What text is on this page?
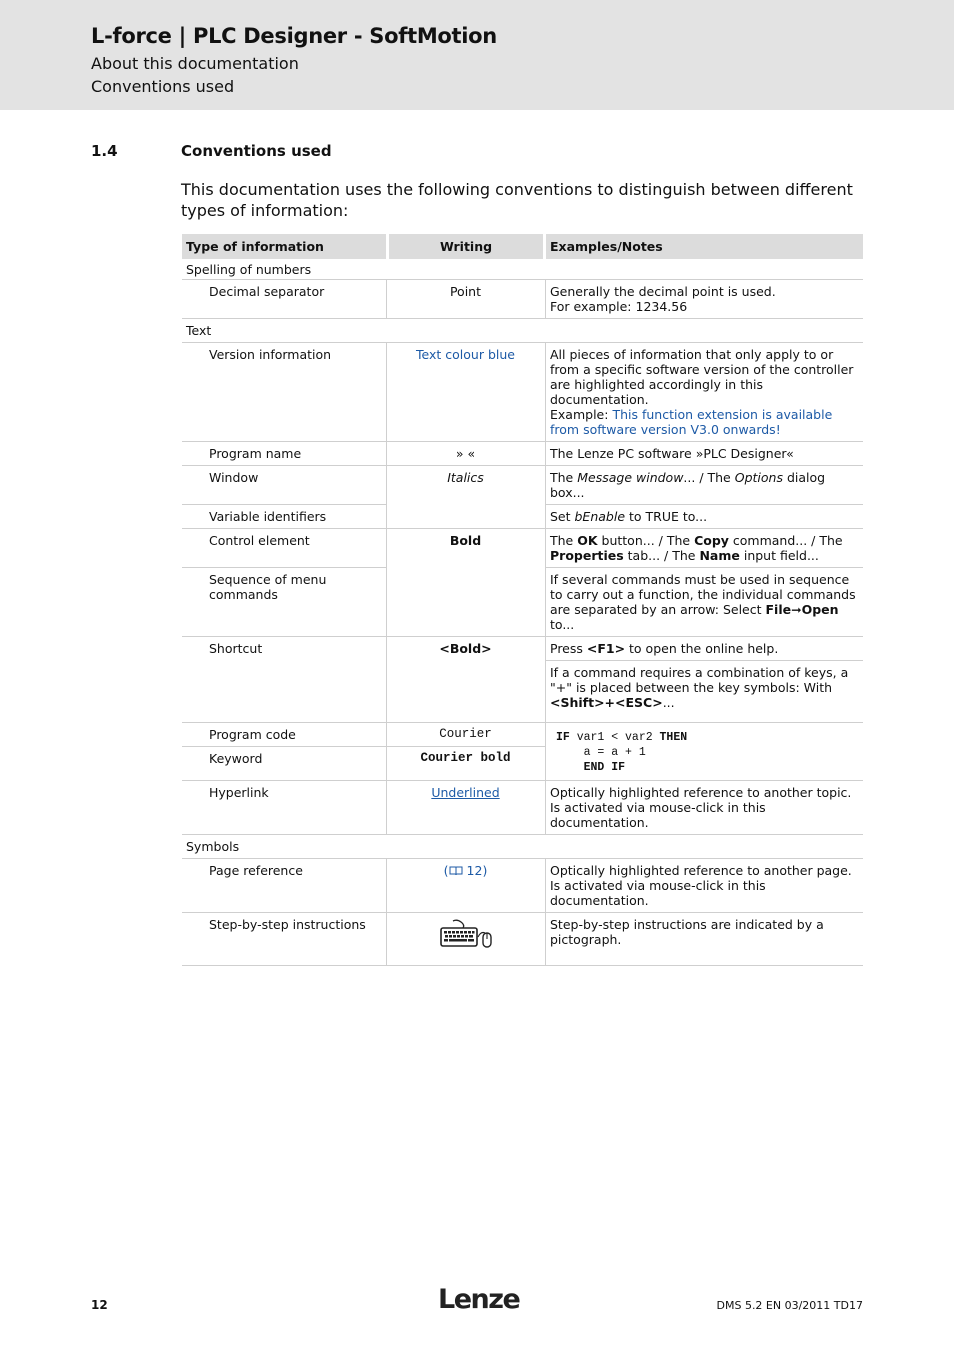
L-force | PLC Designer - SoftMotion
About this documentation
Conventions used
1.4	Conventions used
This documentation uses the following conventions to distinguish between different types of information:
Type of information	Writing	Examples/Notes
Spelling of numbers		
Decimal separator	Point	Generally the decimal point is used.
For example: 1234.56

Text		
Version information	Text colour blue	All pieces of information that only apply to or from a specific software version of the controller are highlighted accordingly in this documentation.
Example: This function extension is available from software version V3.0 onwards!

Program name	» «	The Lenze PC software »PLC Designer«
Window	Italics	The Message window... / The Options dialog box...
Variable identifiers		Set bEnable to TRUE to...
Control element	Bold	The OK button... / The Copy command... / The Properties tab... / The Name input field...
Sequence of menu commands		If several commands must be used in sequence to carry out a function, the individual commands are separated by an arrow: Select File➞Open to...
Shortcut	<Bold>	Press <F1> to open the online help.
		If a command requires a combination of keys, a "+" is placed between the key symbols: With <Shift>+<ESC>...
Program code	Courier	IF var1 < var2 THEN
a = a + 1
END IF

Keyword	Courier bold	
Hyperlink	Underlined	Optically highlighted reference to another topic. Is activated via mouse-click in this documentation.
Symbols		
Page reference	( 12)	Optically highlighted reference to another page. Is activated via mouse-click in this documentation.
Step-by-step instructions		Step-by-step instructions are indicated by a pictograph.
12	Lenze	DMS 5.2 EN 03/2011 TD17
